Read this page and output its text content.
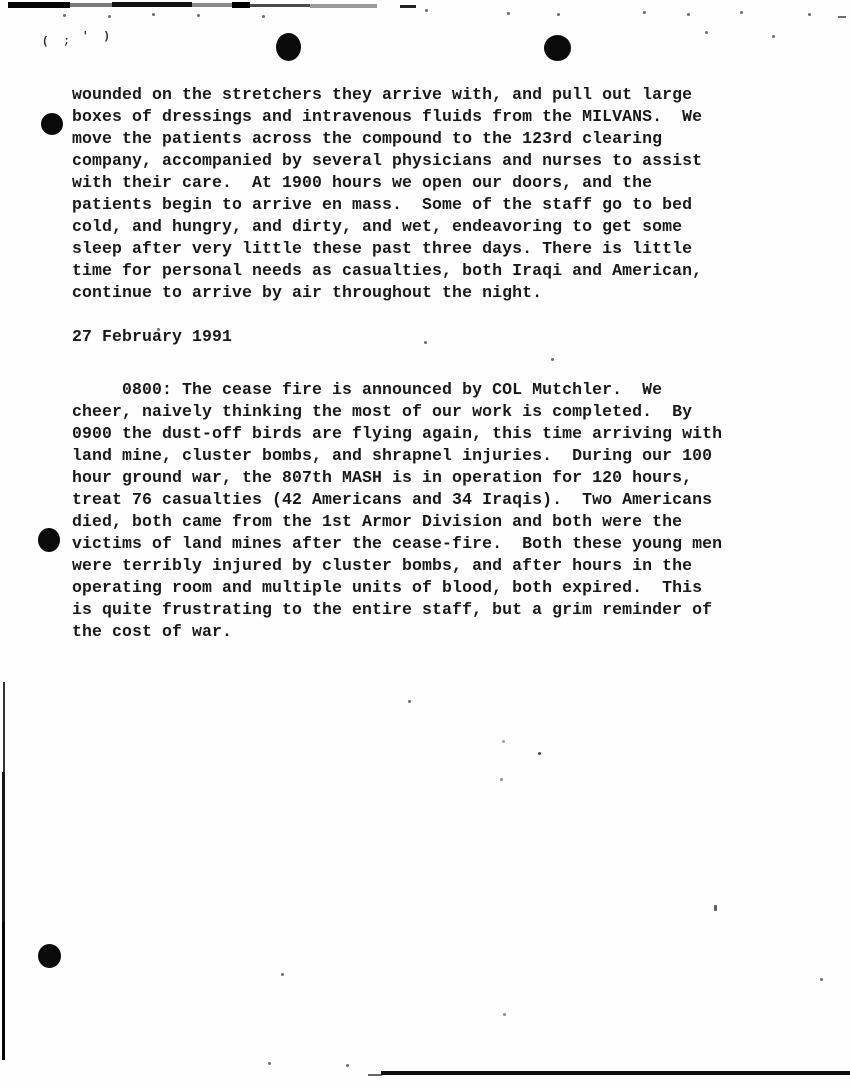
( ; ' )
wounded on the stretchers they arrive with, and pull out large
boxes of dressings and intravenous fluids from the MILVANS.  We
move the patients across the compound to the 123rd clearing
company, accompanied by several physicians and nurses to assist
with their care.  At 1900 hours we open our doors, and the
patients begin to arrive en mass.  Some of the staff go to bed
cold, and hungry, and dirty, and wet, endeavoring to get some
sleep after very little these past three days. There is little
time for personal needs as casualties, both Iraqi and American,
continue to arrive by air throughout the night.
27 February 1991
0800: The cease fire is announced by COL Mutchler.  We
cheer, naively thinking the most of our work is completed.  By
0900 the dust-off birds are flying again, this time arriving with
land mine, cluster bombs, and shrapnel injuries.  During our 100
hour ground war, the 807th MASH is in operation for 120 hours,
treat 76 casualties (42 Americans and 34 Iraqis).  Two Americans
died, both came from the 1st Armor Division and both were the
victims of land mines after the cease-fire.  Both these young men
were terribly injured by cluster bombs, and after hours in the
operating room and multiple units of blood, both expired.  This
is quite frustrating to the entire staff, but a grim reminder of
the cost of war.
